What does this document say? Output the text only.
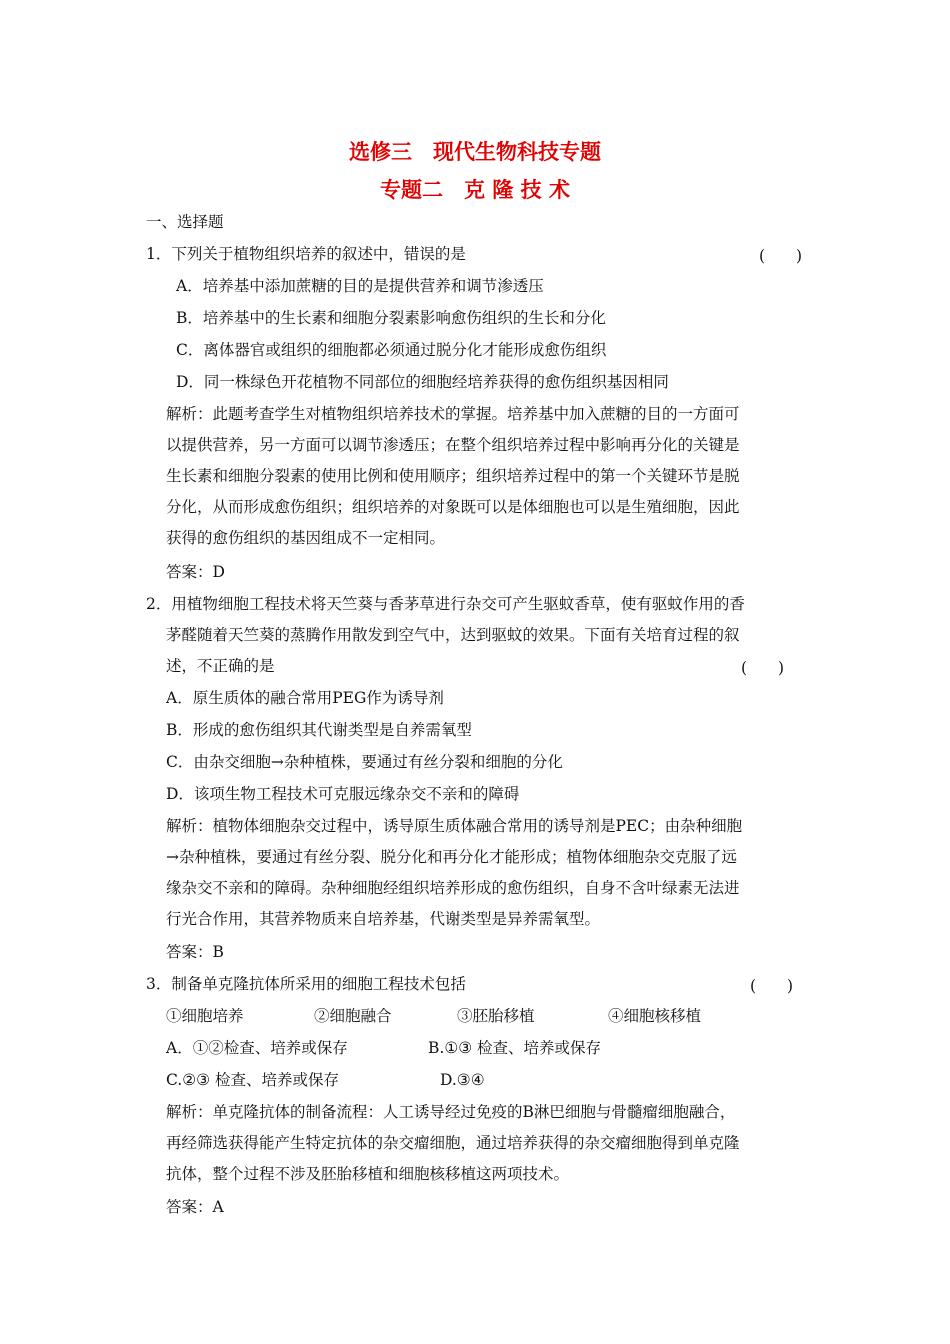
选修三　现代生物科技专题
专题二　克 隆 技 术
一、选择题
1．下列关于植物组织培养的叙述中，错误的是	(　　)
A．培养基中添加蔗糖的目的是提供营养和调节渗透压
B．培养基中的生长素和细胞分裂素影响愈伤组织的生长和分化
C．离体器官或组织的细胞都必须通过脱分化才能形成愈伤组织
D．同一株绿色开花植物不同部位的细胞经培养获得的愈伤组织基因相同
解析：此题考查学生对植物组织培养技术的掌握。培养基中加入蔗糖的目的一方面可
以提供营养，另一方面可以调节渗透压；在整个组织培养过程中影响再分化的关键是
生长素和细胞分裂素的使用比例和使用顺序；组织培养过程中的第一个关键环节是脱
分化，从而形成愈伤组织；组织培养的对象既可以是体细胞也可以是生殖细胞，因此
获得的愈伤组织的基因组成不一定相同。
答案：D
2．用植物细胞工程技术将天竺葵与香茅草进行杂交可产生驱蚊香草，使有驱蚊作用的香
茅醛随着天竺葵的蒸腾作用散发到空气中，达到驱蚊的效果。下面有关培育过程的叙
述，不正确的是	(　　)
A．原生质体的融合常用PEG作为诱导剂
B．形成的愈伤组织其代谢类型是自养需氧型
C．由杂交细胞→杂种植株，要通过有丝分裂和细胞的分化
D．该项生物工程技术可克服远缘杂交不亲和的障碍
解析：植物体细胞杂交过程中，诱导原生质体融合常用的诱导剂是PEC；由杂种细胞
→杂种植株，要通过有丝分裂、脱分化和再分化才能形成；植物体细胞杂交克服了远
缘杂交不亲和的障碍。杂种细胞经组织培养形成的愈伤组织，自身不含叶绿素无法进
行光合作用，其营养物质来自培养基，代谢类型是异养需氧型。
答案：B
3．制备单克隆抗体所采用的细胞工程技术包括	(　　)
①细胞培养	②细胞融合	③胚胎移植	④细胞核移植
A．①②检查、培养或保存	B.①③ 检查、培养或保存
C.②③ 检查、培养或保存	D.③④
解析：单克隆抗体的制备流程：人工诱导经过免疫的B淋巴细胞与骨髓瘤细胞融合，
再经筛选获得能产生特定抗体的杂交瘤细胞，通过培养获得的杂交瘤细胞得到单克隆
抗体，整个过程不涉及胚胎移植和细胞核移植这两项技术。
答案：A
